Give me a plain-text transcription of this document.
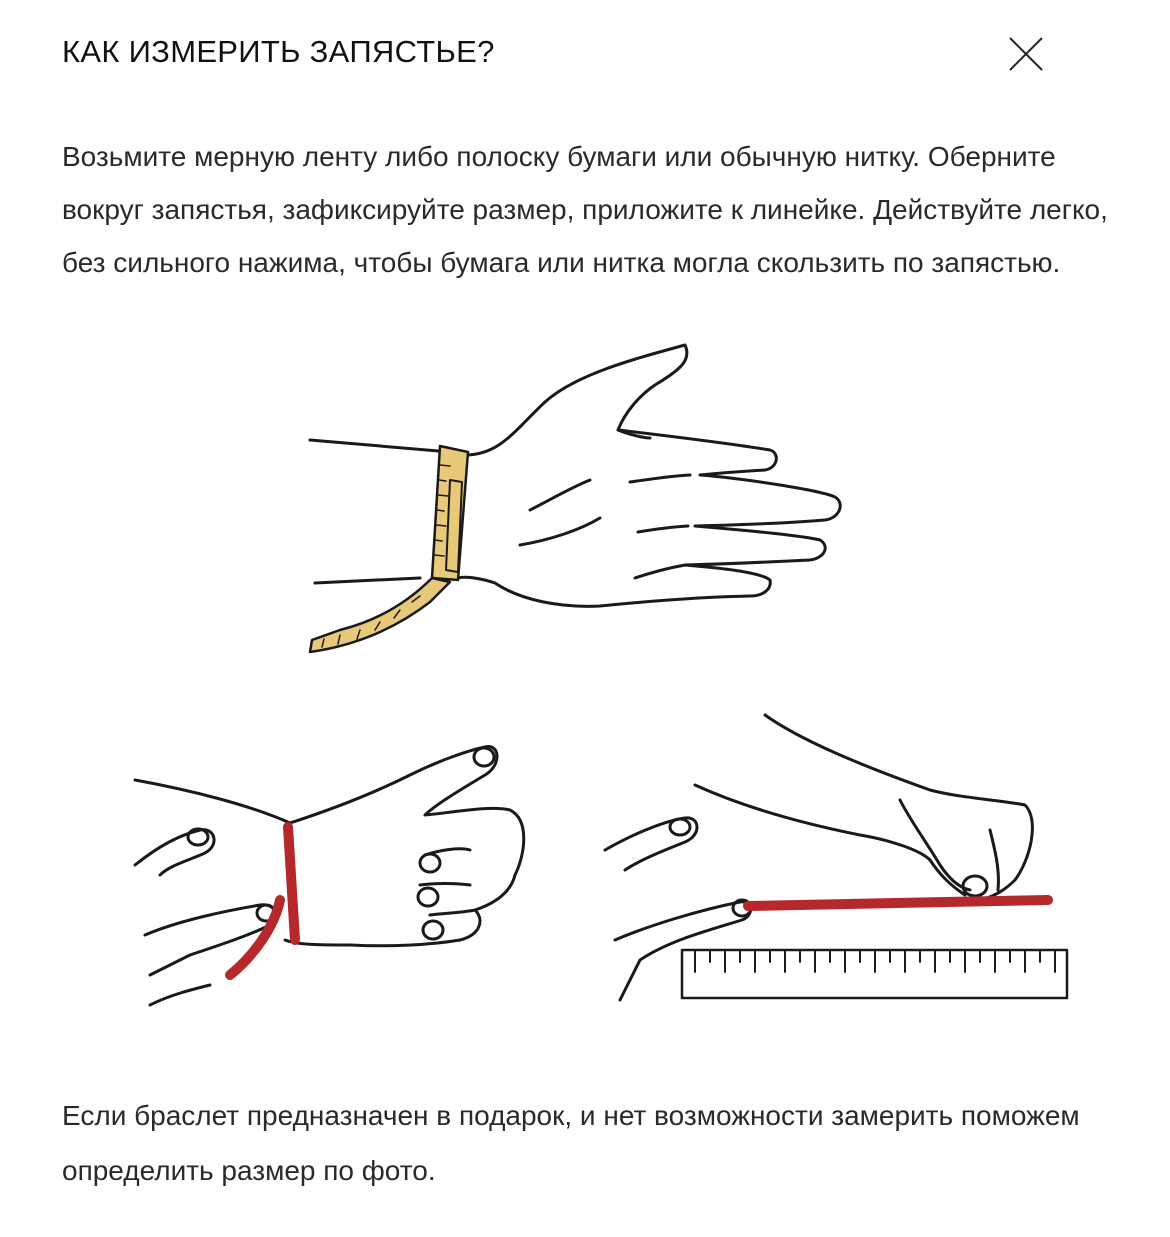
КАК ИЗМЕРИТЬ ЗАПЯСТЬЕ?
Возьмите мерную ленту либо полоску бумаги или обычную нитку. Оберните вокруг запястья, зафиксируйте размер, приложите к линейке. Действуйте легко, без сильного нажима, чтобы бумага или нитка могла скользить по запястью.
Если браслет предназначен в подарок, и нет возможности замерить поможем определить размер по фото.
